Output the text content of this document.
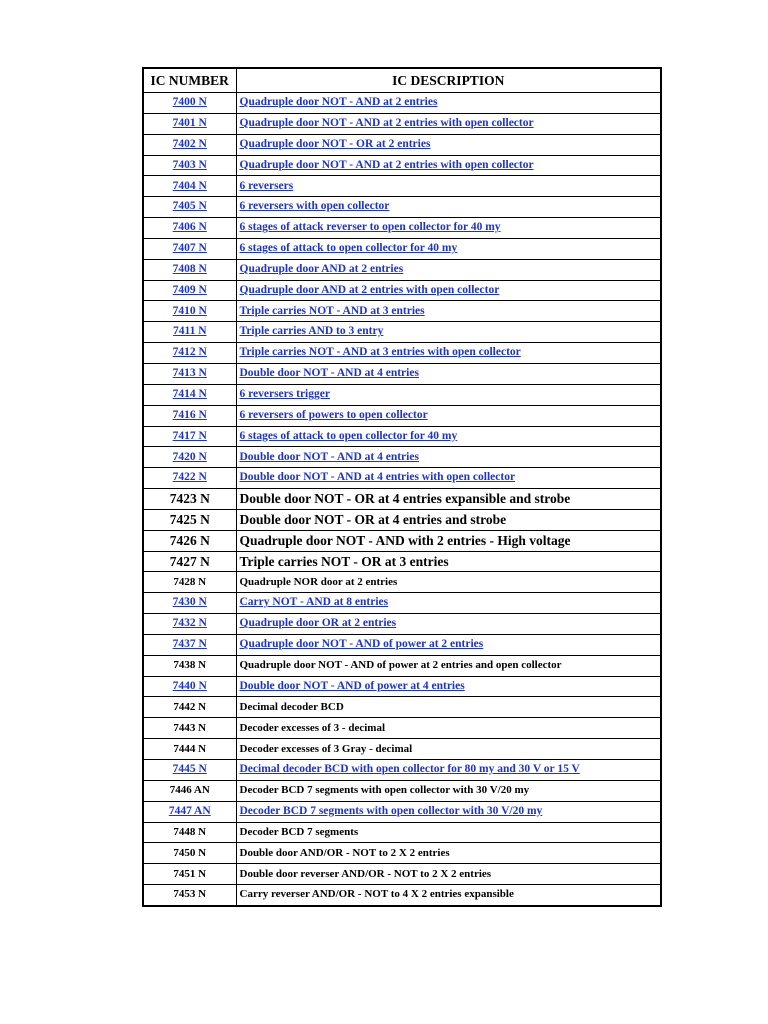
IC NUMBER	IC DESCRIPTION
7400 N	Quadruple door NOT - AND at 2 entries
7401 N	Quadruple door NOT - AND at 2 entries with open collector
7402 N	Quadruple door NOT - OR at 2 entries
7403 N	Quadruple door NOT - AND at 2 entries with open collector
7404 N	6 reversers
7405 N	6 reversers with open collector
7406 N	6 stages of attack reverser to open collector for 40 my
7407 N	6 stages of attack to open collector for 40 my
7408 N	Quadruple door AND at 2 entries
7409 N	Quadruple door AND at 2 entries with open collector
7410 N	Triple carries NOT - AND at 3 entries
7411 N	Triple carries AND to 3 entry
7412 N	Triple carries NOT - AND at 3 entries with open collector
7413 N	Double door NOT - AND at 4 entries
7414 N	6 reversers trigger
7416 N	6 reversers of powers to open collector
7417 N	6 stages of attack to open collector for 40 my
7420 N	Double door NOT - AND at 4 entries
7422 N	Double door NOT - AND at 4 entries with open collector
7423 N	Double door NOT - OR at 4 entries expansible and strobe
7425 N	Double door NOT - OR at 4 entries and strobe
7426 N	Quadruple door NOT - AND with 2 entries - High voltage
7427 N	Triple carries NOT - OR at 3 entries
7428 N	Quadruple NOR door at 2 entries
7430 N	Carry NOT - AND at 8 entries
7432 N	Quadruple door OR at 2 entries
7437 N	Quadruple door NOT - AND of power at 2 entries
7438 N	Quadruple door NOT - AND of power at 2 entries and open collector
7440 N	Double door NOT - AND of power at 4 entries
7442 N	Decimal decoder BCD
7443 N	Decoder excesses of 3 - decimal
7444 N	Decoder excesses of 3 Gray - decimal
7445 N	Decimal decoder BCD with open collector for 80 my and 30 V or 15 V
7446 AN	Decoder BCD 7 segments with open collector with 30 V/20 my
7447 AN	Decoder BCD 7 segments with open collector with 30 V/20 my
7448 N	Decoder BCD 7 segments
7450 N	Double door AND/OR - NOT to 2 X 2 entries
7451 N	Double door reverser AND/OR - NOT to 2 X 2 entries
7453 N	Carry reverser AND/OR - NOT to 4 X 2 entries expansible
